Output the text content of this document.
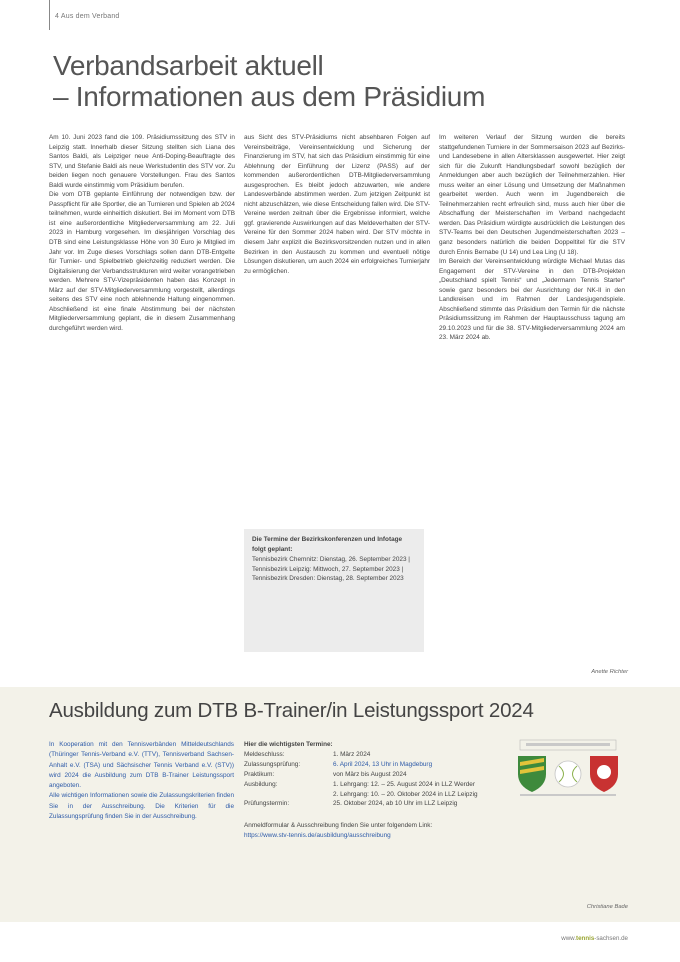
4 Aus dem Verband
Verbandsarbeit aktuell
– Informationen aus dem Präsidium

Am 10. Juni 2023 fand die 109. Präsidiumssitzung des STV in Leipzig statt. Innerhalb dieser Sitzung stellten sich Liana des Santos Baldi, als Leipziger neue Anti-Doping-Beauftragte des STV, und Stefanie Baldi als neue Werkstudentin des STV vor. Zu beiden liegen noch genauere Vorstellungen. Frau des Santos Baldi wurde einstimmig vom Präsidium berufen.

Die vom DTB geplante Einführung der notwendigen bzw. der Passpflicht für alle Sportler, die an Turnieren und Spielen ab 2024 teilnehmen, wurde einheitlich diskutiert. Bei im Moment vom DTB ist eine außerordentliche Mitgliederversammlung am 22. Juli 2023 in Hamburg vorgesehen. Im diesjährigen Vorschlag des DTB sind eine Leistungsklasse Höhe von 30 Euro je Mitglied im Jahr vor. Im Zuge dieses Vorschlags sollen dann DTB-Entgelte für Turnier- und Spielbetrieb gleichzeitig reduziert werden. Die Digitalisierung der Verbandsstrukturen wird weiter vorangetrieben werden. Mehrere STV-Vizepräsidenten haben das Konzept in März auf der STV-Mitgliederversammlung vorgestellt, allerdings seitens des STV eine noch ablehnende Haltung eingenommen. Abschließend ist eine finale Abstimmung bei der nächsten Mitgliederversammlung geplant, die in diesem Zusammenhang durchgeführt werden wird.

aus Sicht des STV-Präsidiums nicht absehbaren Folgen auf Vereinsbeiträge, Vereinsentwicklung und Sicherung der Finanzierung im STV, hat sich das Präsidium einstimmig für eine Ablehnung der Einführung der Lizenz (PASS) auf der kommenden außerordentlichen DTB-Mitgliederversammlung ausgesprochen. Es bleibt jedoch abzuwarten, wie andere Landesverbände abstimmen werden. Zum jetzigen Zeitpunkt ist nicht abzuschätzen, wie diese Entscheidung fallen wird. Die STV-Vereine werden zeitnah über die Ergebnisse informiert, welche ggf. gravierende Auswirkungen auf das Meldeverhalten der STV-Vereine für den Sommer 2024 haben wird. Der STV möchte in diesem Jahr explizit die Bezirksvorsitzenden nutzen und in allen Bezirken in den Austausch zu kommen und eventuell nötige Lösungen diskutieren, um auch 2024 ein erfolgreiches Turnierjahr zu ermöglichen.

Im weiteren Verlauf der Sitzung wurden die bereits stattgefundenen Turniere in der Sommersaison 2023 auf Bezirks- und Landesebene in allen Altersklassen ausgewertet. Hier zeigt sich für die Zukunft Handlungsbedarf sowohl bezüglich der Anmeldungen aber auch bezüglich der Teilnehmerzahlen. Hier muss weiter an einer Lösung und Umsetzung der Maßnahmen gearbeitet werden. Auch wenn im Jugendbereich die Teilnehmerzahlen recht erfreulich sind, muss auch hier über die Abschaffung der Meisterschaften im Verband nachgedacht werden. Das Präsidium würdigte ausdrücklich die Leistungen des STV-Teams bei den Deutschen Jugendmeisterschaften 2023 – ganz besonders natürlich die beiden Doppeltitel für die STV durch Ennis Bernabe (U 14) und Lea Ling (U 18).

Im Bereich der Vereinsentwicklung würdigte Michael Mutas das Engagement der STV-Vereine in den DTB-Projekten „Deutschland spielt Tennis“ und „Jedermann Tennis Starter“ sowie ganz besonders bei der Ausrichtung der NK-II in den Landkreisen und im Rahmen der Landesjugendspiele. Abschließend stimmte das Präsidium den Termin für die nächste Präsidiumssitzung im Rahmen der Hauptausschuss tagung am 29.10.2023 und für die 38. STV-Mitgliederversammlung 2024 am 23. März 2024 ab.

Die Termine der Bezirkskonferenzen und Infotage folgt geplant:
Tennisbezirk Chemnitz: Dienstag, 26. September 2023 | Tennisbezirk Leipzig: Mittwoch, 27. September 2023 | Tennisbezirk Dresden: Dienstag, 28. September 2023
Anette Richter
Ausbildung zum DTB B-Trainer/in Leistungssport 2024

In Kooperation mit den Tennisverbänden Mitteldeutschlands (Thüringer Tennis-Verband e.V. (TTV), Tennisverband Sachsen-Anhalt e.V. (TSA) und Sächsischer Tennis Verband e.V. (STV)) wird 2024 die Ausbildung zum DTB B-Trainer Leistungssport angeboten.

Alle wichtigen Informationen sowie die Zulassungskriterien finden Sie in der Ausschreibung. Die Kriterien für die Zulassungsprüfung finden Sie in der Ausschreibung.

Hier die wichtigsten Termine:
Meldeschluss:	1. März 2024
Zulassungsprüfung:	6. April 2024, 13 Uhr in Magdeburg
Praktikum:	von März bis August 2024
Ausbildung:	1. Lehrgang: 12. – 25. August 2024 in LLZ Werder
2. Lehrgang: 10. – 20. Oktober 2024 in LLZ Leipzig
Prüfungstermin:	25. Oktober 2024, ab 10 Uhr im LLZ Leipzig
Anmeldformular & Ausschreibung finden Sie unter folgendem Link:
https://www.stv-tennis.de/ausbildung/ausschreibung
Christiane Bade
www.tennis-sachsen.de
